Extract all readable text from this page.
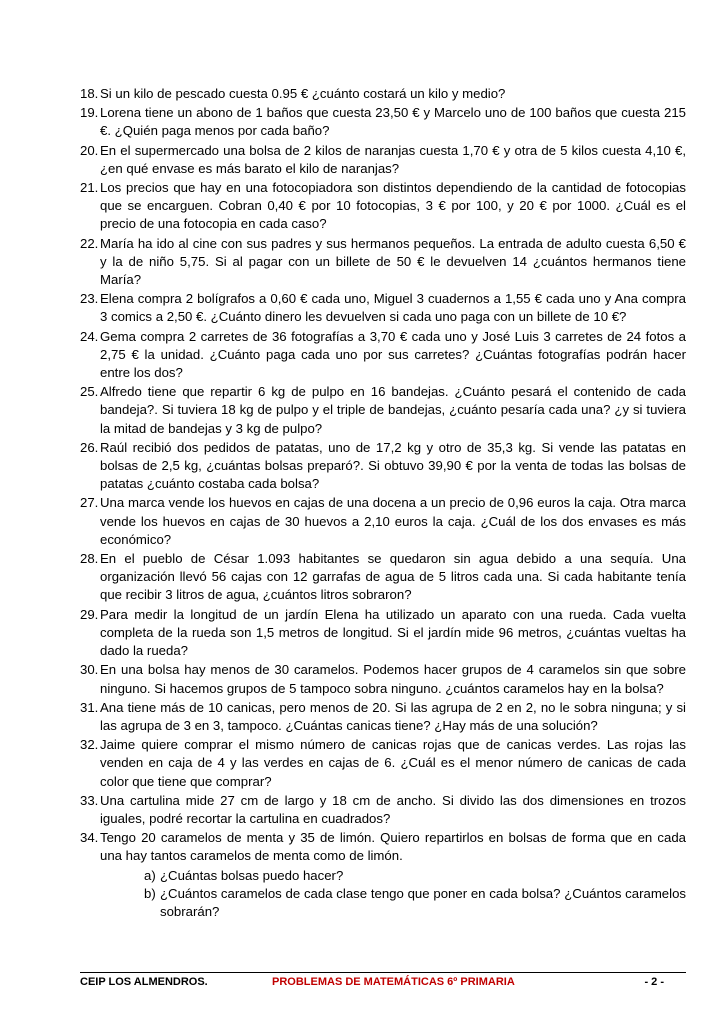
18. Si un kilo de pescado cuesta 0.95 € ¿cuánto costará un kilo y medio?
19. Lorena tiene un abono de 1 baños que cuesta 23,50 € y Marcelo uno de 100 baños que cuesta 215 €. ¿Quién paga menos por cada baño?
20. En el supermercado una bolsa de 2 kilos de naranjas cuesta 1,70 € y otra de 5 kilos cuesta 4,10 €, ¿en qué envase es más barato el kilo de naranjas?
21. Los precios que hay en una fotocopiadora son distintos dependiendo de la cantidad de fotocopias que se encarguen. Cobran 0,40 € por 10 fotocopias, 3 € por 100, y 20 € por 1000. ¿Cuál es el precio de una fotocopia en cada caso?
22. María ha ido al cine con sus padres y sus hermanos pequeños. La entrada de adulto cuesta 6,50 € y la de niño 5,75. Si al pagar con un billete de 50 € le devuelven 14 ¿cuántos hermanos tiene María?
23. Elena compra 2 bolígrafos a 0,60 € cada uno, Miguel 3 cuadernos a 1,55 € cada uno y Ana compra 3 comics a 2,50 €. ¿Cuánto dinero les devuelven si cada uno paga con un billete de 10 €?
24. Gema compra 2 carretes de 36 fotografías a 3,70 € cada uno y José Luis 3 carretes de 24 fotos a 2,75 € la unidad. ¿Cuánto paga cada uno por sus carretes? ¿Cuántas fotografías podrán hacer entre los dos?
25. Alfredo tiene que repartir 6 kg de pulpo en 16 bandejas. ¿Cuánto pesará el contenido de cada bandeja?. Si tuviera 18 kg de pulpo y el triple de bandejas, ¿cuánto pesaría cada una? ¿y si tuviera la mitad de bandejas y 3 kg de pulpo?
26. Raúl recibió dos pedidos de patatas, uno de 17,2 kg y otro de 35,3 kg. Si vende las patatas en bolsas de 2,5 kg, ¿cuántas bolsas preparó?. Si obtuvo 39,90 € por la venta de todas las bolsas de patatas ¿cuánto costaba cada bolsa?
27. Una marca vende los huevos en cajas de una docena a un precio de 0,96 euros la caja. Otra marca vende los huevos en cajas de 30 huevos a 2,10 euros la caja. ¿Cuál de los dos envases es más económico?
28. En el pueblo de César 1.093 habitantes se quedaron sin agua debido a una sequía. Una organización llevó 56 cajas con 12 garrafas de agua de 5 litros cada una. Si cada habitante tenía que recibir 3 litros de agua, ¿cuántos litros sobraron?
29. Para medir la longitud de un jardín Elena ha utilizado un aparato con una rueda. Cada vuelta completa de la rueda son 1,5 metros de longitud. Si el jardín mide 96 metros, ¿cuántas vueltas ha dado la rueda?
30. En una bolsa hay menos de 30 caramelos. Podemos hacer grupos de 4 caramelos sin que sobre ninguno. Si hacemos grupos de 5 tampoco sobra ninguno. ¿cuántos caramelos hay en la bolsa?
31. Ana tiene más de 10 canicas, pero menos de 20. Si las agrupa de 2 en 2, no le sobra ninguna; y si las agrupa de 3 en 3, tampoco. ¿Cuántas canicas tiene? ¿Hay más de una solución?
32. Jaime quiere comprar el mismo número de canicas rojas que de canicas verdes. Las rojas las venden en caja de 4 y las verdes en cajas de 6. ¿Cuál es el menor número de canicas de cada color que tiene que comprar?
33. Una cartulina mide 27 cm de largo y 18 cm de ancho. Si divido las dos dimensiones en trozos iguales, podré recortar la cartulina en cuadrados?
34. Tengo 20 caramelos de menta y 35 de limón. Quiero repartirlos en bolsas de forma que en cada una hay tantos caramelos de menta como de limón.
a) ¿Cuántas bolsas puedo hacer?
b) ¿Cuántos caramelos de cada clase tengo que poner en cada bolsa? ¿Cuántos caramelos sobrarán?
CEIP LOS ALMENDROS.	PROBLEMAS DE MATEMÁTICAS 6º PRIMARIA	- 2 -
